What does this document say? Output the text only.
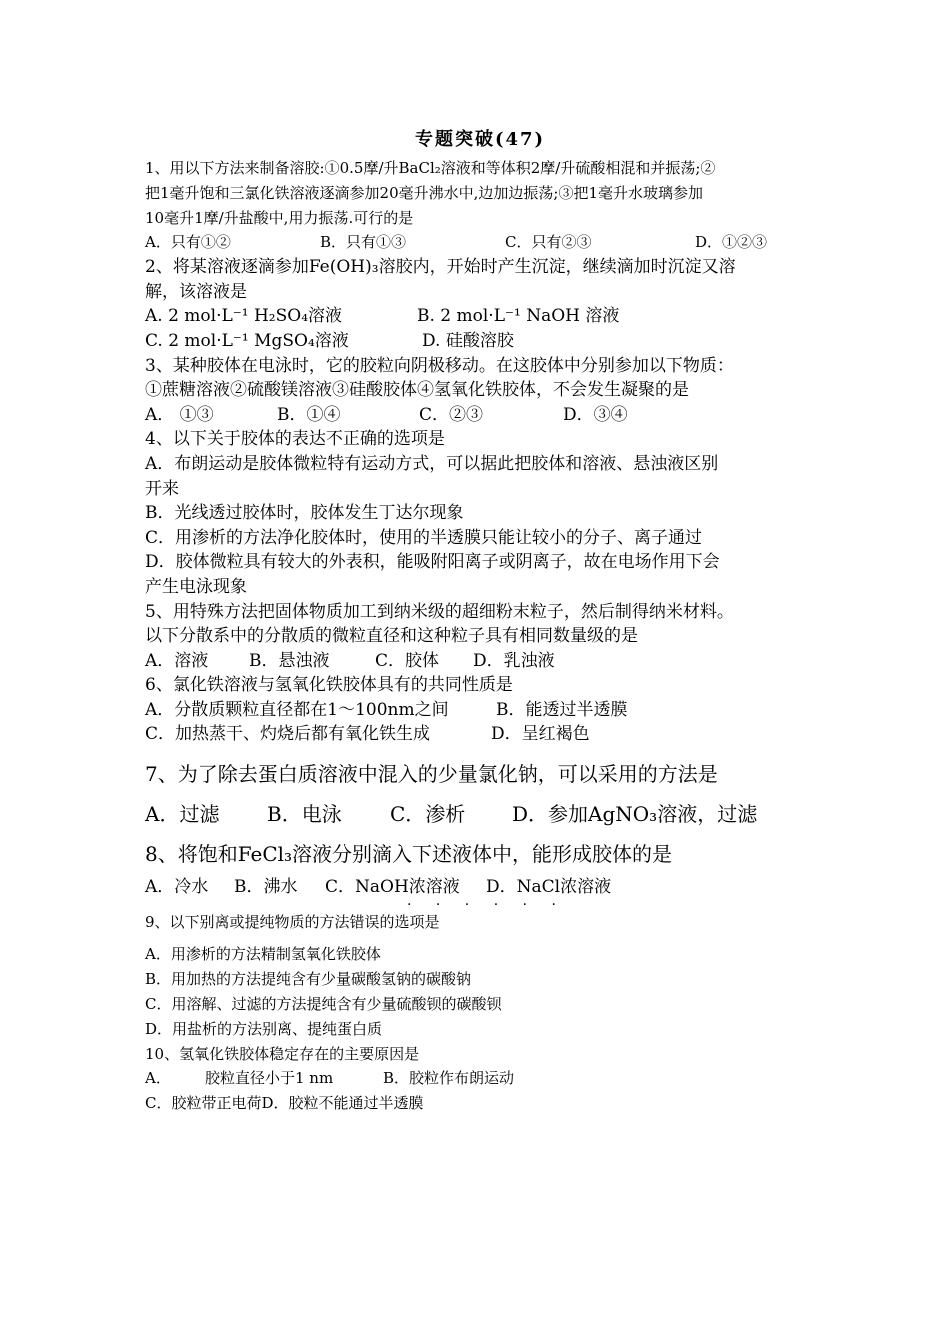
专题突破(47)
1、用以下方法来制备溶胶:①0.5摩/升BaCl₂溶液和等体积2摩/升硫酸相混和并振荡;②
把1毫升饱和三氯化铁溶液逐滴参加20毫升沸水中,边加边振荡;③把1毫升水玻璃参加
10毫升1摩/升盐酸中,用力振荡.可行的是
A．只有①②	B．只有①③	C．只有②③	D．①②③
2、将某溶液逐滴参加Fe(OH)₃溶胶内，开始时产生沉淀，继续滴加时沉淀又溶
解，该溶液是
A. 2 mol·L⁻¹ H₂SO₄溶液	B. 2 mol·L⁻¹ NaOH 溶液
C. 2 mol·L⁻¹ MgSO₄溶液	D. 硅酸溶胶
3、某种胶体在电泳时，它的胶粒向阴极移动。在这胶体中分别参加以下物质：
①蔗糖溶液②硫酸镁溶液③硅酸胶体④氢氧化铁胶体，不会发生凝聚的是
A． ①③	B．①④	C．②③	D．③④
4、以下关于胶体的表达不正确的选项是
A．布朗运动是胶体微粒特有运动方式，可以据此把胶体和溶液、悬浊液区别
开来
B．光线透过胶体时，胶体发生丁达尔现象
C．用渗析的方法净化胶体时，使用的半透膜只能让较小的分子、离子通过
D．胶体微粒具有较大的外表积，能吸附阳离子或阴离子，故在电场作用下会
产生电泳现象
5、用特殊方法把固体物质加工到纳米级的超细粉末粒子，然后制得纳米材料。
以下分散系中的分散质的微粒直径和这种粒子具有相同数量级的是
A．溶液 B．悬浊液	C．胶体 D．乳浊液
6、氯化铁溶液与氢氧化铁胶体具有的共同性质是
A．分散质颗粒直径都在1～100nm之间	B．能透过半透膜
C．加热蒸干、灼烧后都有氧化铁生成	D．呈红褐色
7、为了除去蛋白质溶液中混入的少量氯化钠，可以采用的方法是
A．过滤 B．电泳 C．渗析 D．参加AgNO₃溶液，过滤
8、将饱和FeCl₃溶液分别滴入下述液体中，能形成胶体的是
A．冷水 B．沸水 C．NaOH浓溶液 D．NaCl浓溶液
· · · · · ·
9、以下别离或提纯物质的方法错误的选项是
A．用渗析的方法精制氢氧化铁胶体
B．用加热的方法提纯含有少量碳酸氢钠的碳酸钠
C．用溶解、过滤的方法提纯含有少量硫酸钡的碳酸钡
D．用盐析的方法别离、提纯蛋白质
10、氢氧化铁胶体稳定存在的主要原因是
A． 胶粒直径小于1 nm	B．胶粒作布朗运动
C．胶粒带正电荷D．胶粒不能通过半透膜
